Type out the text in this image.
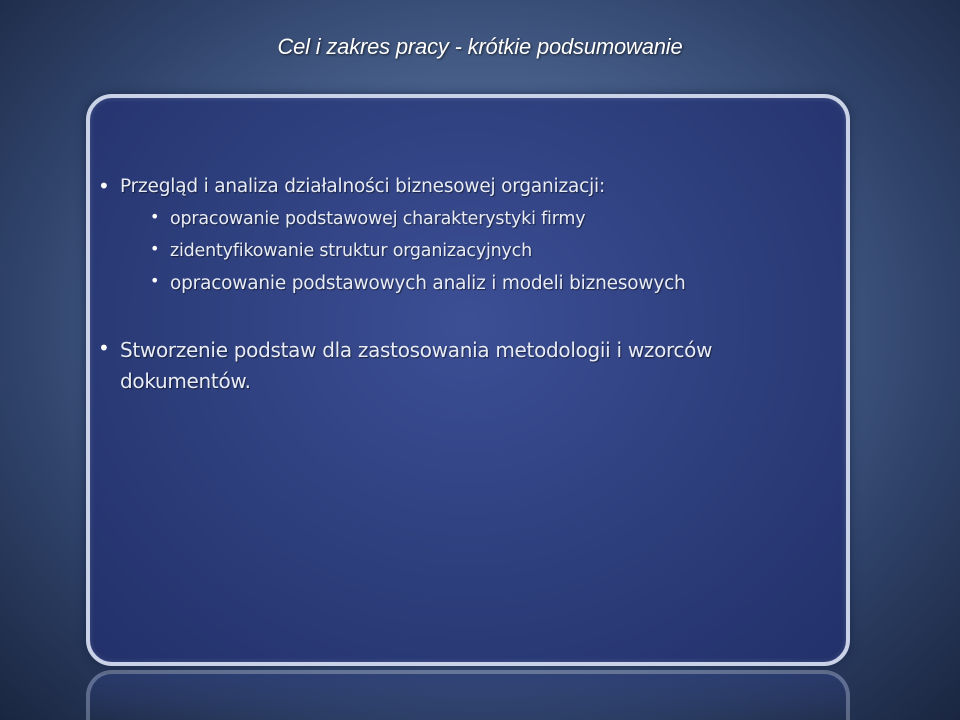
Cel i zakres pracy - krótkie podsumowanie
• Przegląd i analiza działalności biznesowej organizacji:
• opracowanie podstawowej charakterystyki firmy
• zidentyfikowanie struktur organizacyjnych
• opracowanie podstawowych analiz i modeli biznesowych
• Stworzenie podstaw dla zastosowania metodologii i wzorców
dokumentów.
